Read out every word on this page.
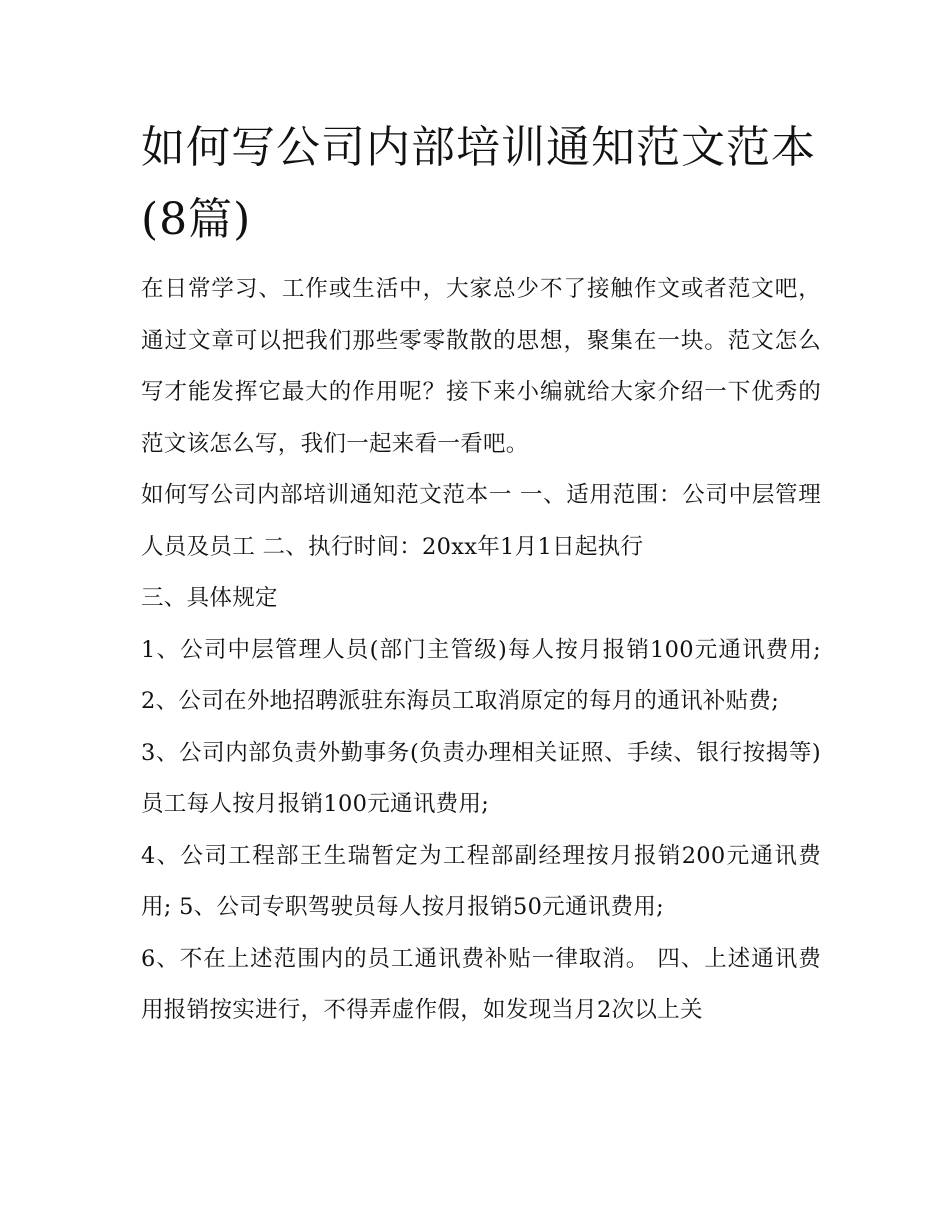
如何写公司内部培训通知范文范本(8篇)

在日常学习、工作或生活中，大家总少不了接触作文或者范文吧，通过文章可以把我们那些零零散散的思想，聚集在一块。范文怎么写才能发挥它最大的作用呢？接下来小编就给大家介绍一下优秀的范文该怎么写，我们一起来看一看吧。

如何写公司内部培训通知范文范本一 一、适用范围：公司中层管理人员及员工 二、执行时间：20xx年1月1日起执行

三、具体规定

1、公司中层管理人员(部门主管级)每人按月报销100元通讯费用; 2、公司在外地招聘派驻东海员工取消原定的每月的通讯补贴费;

3、公司内部负责外勤事务(负责办理相关证照、手续、银行按揭等)员工每人按月报销100元通讯费用;

4、公司工程部王生瑞暂定为工程部副经理按月报销200元通讯费用; 5、公司专职驾驶员每人按月报销50元通讯费用;

6、不在上述范围内的员工通讯费补贴一律取消。 四、上述通讯费用报销按实进行，不得弄虚作假，如发现当月2次以上关
